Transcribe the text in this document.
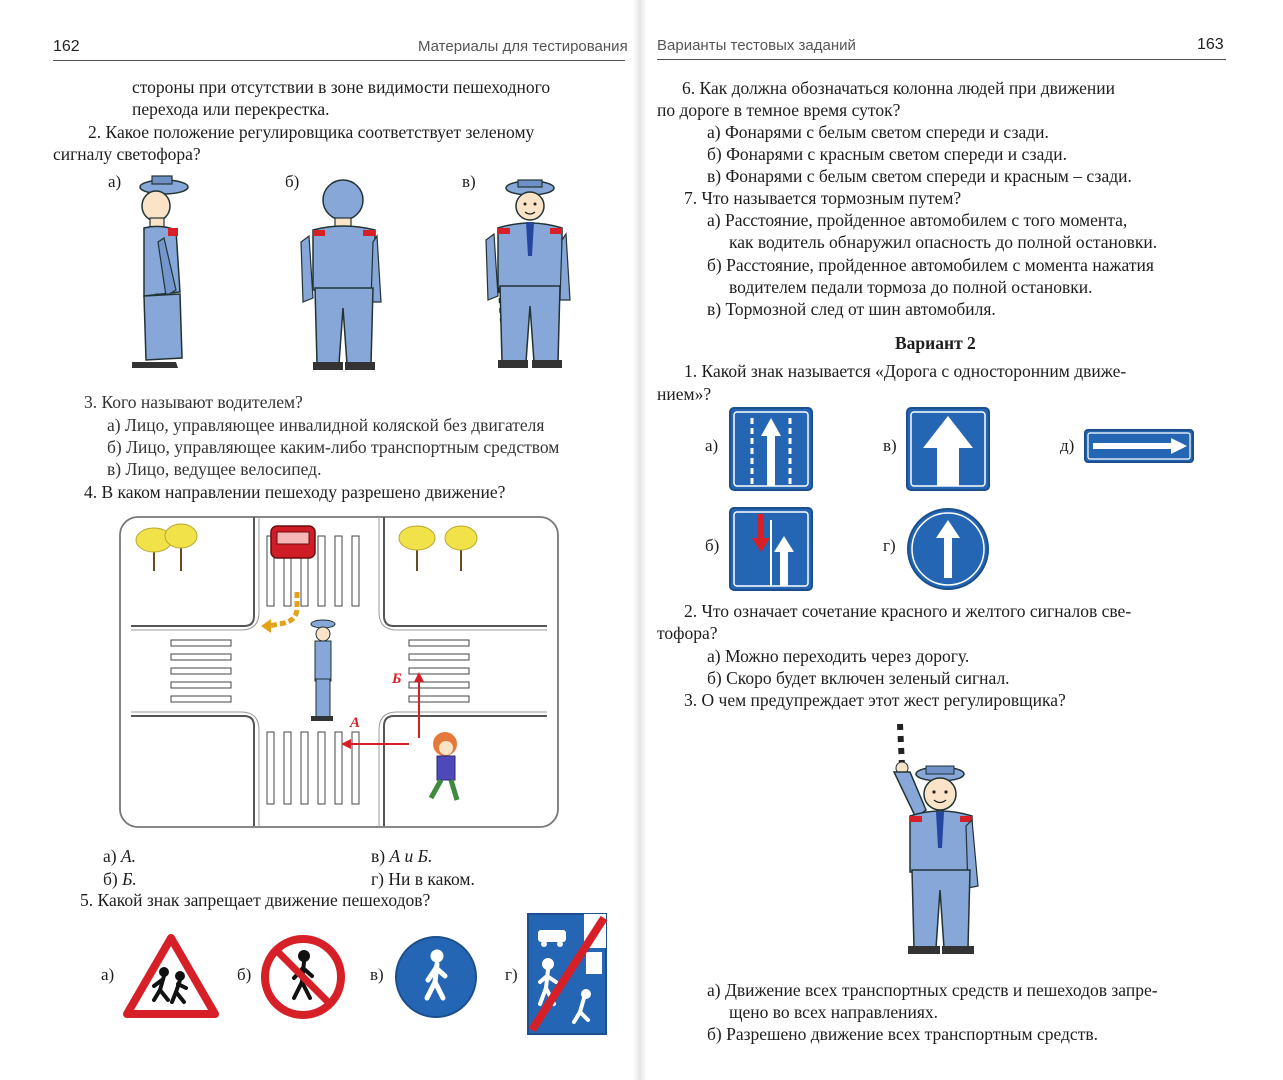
162	Материалы для тестирования
стороны при отсутствии в зоне видимости пешеходного
перехода или перекрестка.
2. Какое положение регулировщика соответствует зеленому
сигналу светофора?
а)	б)	в)
3. Кого называют водителем?
а) Лицо, управляющее инвалидной коляской без двигателя
б) Лицо, управляющее каким-либо транспортным средством
в) Лицо, ведущее велосипед.
4. В каком направлении пешеходу разрешено движение?
Б
А
а) А.
б) Б.
в) А и Б.
г) Ни в каком.
5. Какой знак запрещает движение пешеходов?
а)	б)	в)	г)
Варианты тестовых заданий	163
6. Как должна обозначаться колонна людей при движении
по дороге в темное время суток?
а) Фонарями с белым светом спереди и сзади.
б) Фонарями с красным светом спереди и сзади.
в) Фонарями с белым светом спереди и красным – сзади.
7. Что называется тормозным путем?
а) Расстояние, пройденное автомобилем с того момента,
как водитель обнаружил опасность до полной остановки.
б) Расстояние, пройденное автомобилем с момента нажатия
водителем педали тормоза до полной остановки.
в) Тормозной след от шин автомобиля.
Вариант 2
1. Какой знак называется «Дорога с односторонним движе-
нием»?
а)	в)	д)
б)	г)
2. Что означает сочетание красного и желтого сигналов све-
тофора?
а) Можно переходить через дорогу.
б) Скоро будет включен зеленый сигнал.
3. О чем предупреждает этот жест регулировщика?
а) Движение всех транспортных средств и пешеходов запре-
щено во всех направлениях.
б) Разрешено движение всех транспортным средств.
